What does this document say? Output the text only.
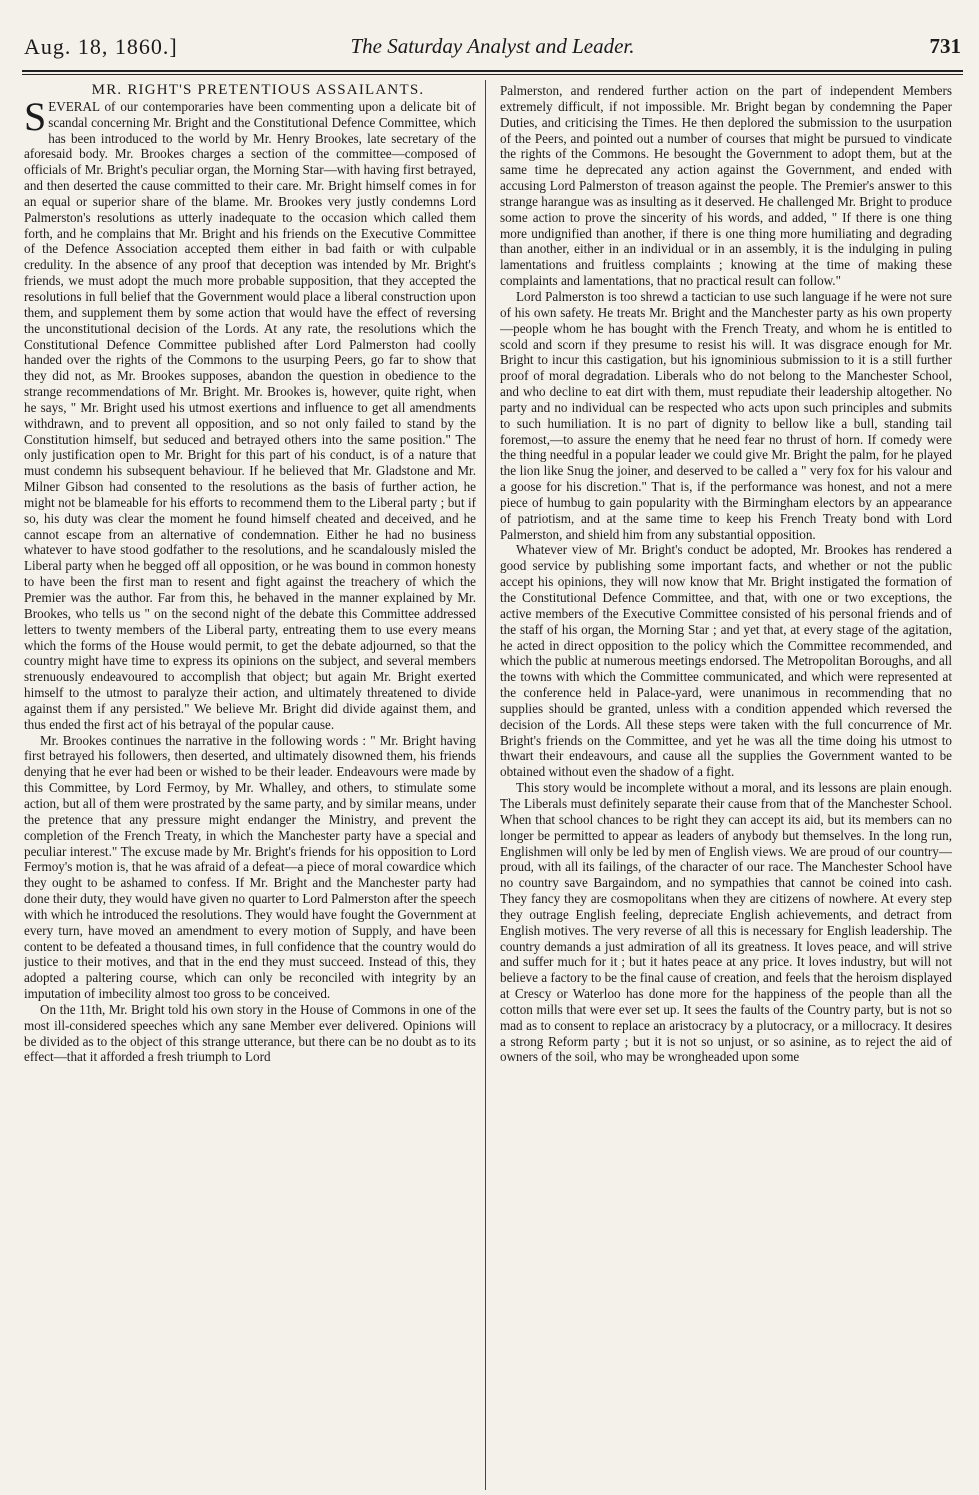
Aug. 18, 1860.]	The Saturday Analyst and Leader.	731

MR. RIGHT'S PRETENTIOUS ASSAILANTS.

SEVERAL of our contemporaries have been commenting upon a delicate bit of scandal concerning Mr. Bright and the Constitutional Defence Committee, which has been introduced to the world by Mr. Henry Brookes, late secretary of the aforesaid body. Mr. Brookes charges a section of the committee—composed of officials of Mr. Bright's peculiar organ, the Morning Star—with having first betrayed, and then deserted the cause committed to their care. Mr. Bright himself comes in for an equal or superior share of the blame. Mr. Brookes very justly condemns Lord Palmerston's resolutions as utterly inadequate to the occasion which called them forth, and he complains that Mr. Bright and his friends on the Executive Committee of the Defence Association accepted them either in bad faith or with culpable credulity. In the absence of any proof that deception was intended by Mr. Bright's friends, we must adopt the much more probable supposition, that they accepted the resolutions in full belief that the Government would place a liberal construction upon them, and supplement them by some action that would have the effect of reversing the unconstitutional decision of the Lords. At any rate, the resolutions which the Constitutional Defence Committee published after Lord Palmerston had coolly handed over the rights of the Commons to the usurping Peers, go far to show that they did not, as Mr. Brookes supposes, abandon the question in obedience to the strange recommendations of Mr. Bright. Mr. Brookes is, however, quite right, when he says, " Mr. Bright used his utmost exertions and influence to get all amendments withdrawn, and to prevent all opposition, and so not only failed to stand by the Constitution himself, but seduced and betrayed others into the same position." The only justification open to Mr. Bright for this part of his conduct, is of a nature that must condemn his subsequent behaviour. If he believed that Mr. Gladstone and Mr. Milner Gibson had consented to the resolutions as the basis of further action, he might not be blameable for his efforts to recommend them to the Liberal party ; but if so, his duty was clear the moment he found himself cheated and deceived, and he cannot escape from an alternative of condemnation. Either he had no business whatever to have stood godfather to the resolutions, and he scandalously misled the Liberal party when he begged off all opposition, or he was bound in common honesty to have been the first man to resent and fight against the treachery of which the Premier was the author. Far from this, he behaved in the manner explained by Mr. Brookes, who tells us " on the second night of the debate this Committee addressed letters to twenty members of the Liberal party, entreating them to use every means which the forms of the House would permit, to get the debate adjourned, so that the country might have time to express its opinions on the subject, and several members strenuously endeavoured to accomplish that object; but again Mr. Bright exerted himself to the utmost to paralyze their action, and ultimately threatened to divide against them if any persisted." We believe Mr. Bright did divide against them, and thus ended the first act of his betrayal of the popular cause.

Mr. Brookes continues the narrative in the following words : " Mr. Bright having first betrayed his followers, then deserted, and ultimately disowned them, his friends denying that he ever had been or wished to be their leader. Endeavours were made by this Committee, by Lord Fermoy, by Mr. Whalley, and others, to stimulate some action, but all of them were prostrated by the same party, and by similar means, under the pretence that any pressure might endanger the Ministry, and prevent the completion of the French Treaty, in which the Manchester party have a special and peculiar interest." The excuse made by Mr. Bright's friends for his opposition to Lord Fermoy's motion is, that he was afraid of a defeat—a piece of moral cowardice which they ought to be ashamed to confess. If Mr. Bright and the Manchester party had done their duty, they would have given no quarter to Lord Palmerston after the speech with which he introduced the resolutions. They would have fought the Government at every turn, have moved an amendment to every motion of Supply, and have been content to be defeated a thousand times, in full confidence that the country would do justice to their motives, and that in the end they must succeed. Instead of this, they adopted a paltering course, which can only be reconciled with integrity by an imputation of imbecility almost too gross to be conceived.

On the 11th, Mr. Bright told his own story in the House of Commons in one of the most ill-considered speeches which any sane Member ever delivered. Opinions will be divided as to the object of this strange utterance, but there can be no doubt as to its effect—that it afforded a fresh triumph to Lord

Palmerston, and rendered further action on the part of independent Members extremely difficult, if not impossible. Mr. Bright began by condemning the Paper Duties, and criticising the Times. He then deplored the submission to the usurpation of the Peers, and pointed out a number of courses that might be pursued to vindicate the rights of the Commons. He besought the Government to adopt them, but at the same time he deprecated any action against the Government, and ended with accusing Lord Palmerston of treason against the people. The Premier's answer to this strange harangue was as insulting as it deserved. He challenged Mr. Bright to produce some action to prove the sincerity of his words, and added, " If there is one thing more undignified than another, if there is one thing more humiliating and degrading than another, either in an individual or in an assembly, it is the indulging in puling lamentations and fruitless complaints ; knowing at the time of making these complaints and lamentations, that no practical result can follow."

Lord Palmerston is too shrewd a tactician to use such language if he were not sure of his own safety. He treats Mr. Bright and the Manchester party as his own property—people whom he has bought with the French Treaty, and whom he is entitled to scold and scorn if they presume to resist his will. It was disgrace enough for Mr. Bright to incur this castigation, but his ignominious submission to it is a still further proof of moral degradation. Liberals who do not belong to the Manchester School, and who decline to eat dirt with them, must repudiate their leadership altogether. No party and no individual can be respected who acts upon such principles and submits to such humiliation. It is no part of dignity to bellow like a bull, standing tail foremost,—to assure the enemy that he need fear no thrust of horn. If comedy were the thing needful in a popular leader we could give Mr. Bright the palm, for he played the lion like Snug the joiner, and deserved to be called a " very fox for his valour and a goose for his discretion." That is, if the performance was honest, and not a mere piece of humbug to gain popularity with the Birmingham electors by an appearance of patriotism, and at the same time to keep his French Treaty bond with Lord Palmerston, and shield him from any substantial opposition.

Whatever view of Mr. Bright's conduct be adopted, Mr. Brookes has rendered a good service by publishing some important facts, and whether or not the public accept his opinions, they will now know that Mr. Bright instigated the formation of the Constitutional Defence Committee, and that, with one or two exceptions, the active members of the Executive Committee consisted of his personal friends and of the staff of his organ, the Morning Star ; and yet that, at every stage of the agitation, he acted in direct opposition to the policy which the Committee recommended, and which the public at numerous meetings endorsed. The Metropolitan Boroughs, and all the towns with which the Committee communicated, and which were represented at the conference held in Palace-yard, were unanimous in recommending that no supplies should be granted, unless with a condition appended which reversed the decision of the Lords. All these steps were taken with the full concurrence of Mr. Bright's friends on the Committee, and yet he was all the time doing his utmost to thwart their endeavours, and cause all the supplies the Government wanted to be obtained without even the shadow of a fight.

This story would be incomplete without a moral, and its lessons are plain enough. The Liberals must definitely separate their cause from that of the Manchester School. When that school chances to be right they can accept its aid, but its members can no longer be permitted to appear as leaders of anybody but themselves. In the long run, Englishmen will only be led by men of English views. We are proud of our country—proud, with all its failings, of the character of our race. The Manchester School have no country save Bargaindom, and no sympathies that cannot be coined into cash. They fancy they are cosmopolitans when they are citizens of nowhere. At every step they outrage English feeling, depreciate English achievements, and detract from English motives. The very reverse of all this is necessary for English leadership. The country demands a just admiration of all its greatness. It loves peace, and will strive and suffer much for it ; but it hates peace at any price. It loves industry, but will not believe a factory to be the final cause of creation, and feels that the heroism displayed at Crescy or Waterloo has done more for the happiness of the people than all the cotton mills that were ever set up. It sees the faults of the Country party, but is not so mad as to consent to replace an aristocracy by a plutocracy, or a millocracy. It desires a strong Reform party ; but it is not so unjust, or so asinine, as to reject the aid of owners of the soil, who may be wrongheaded upon some
